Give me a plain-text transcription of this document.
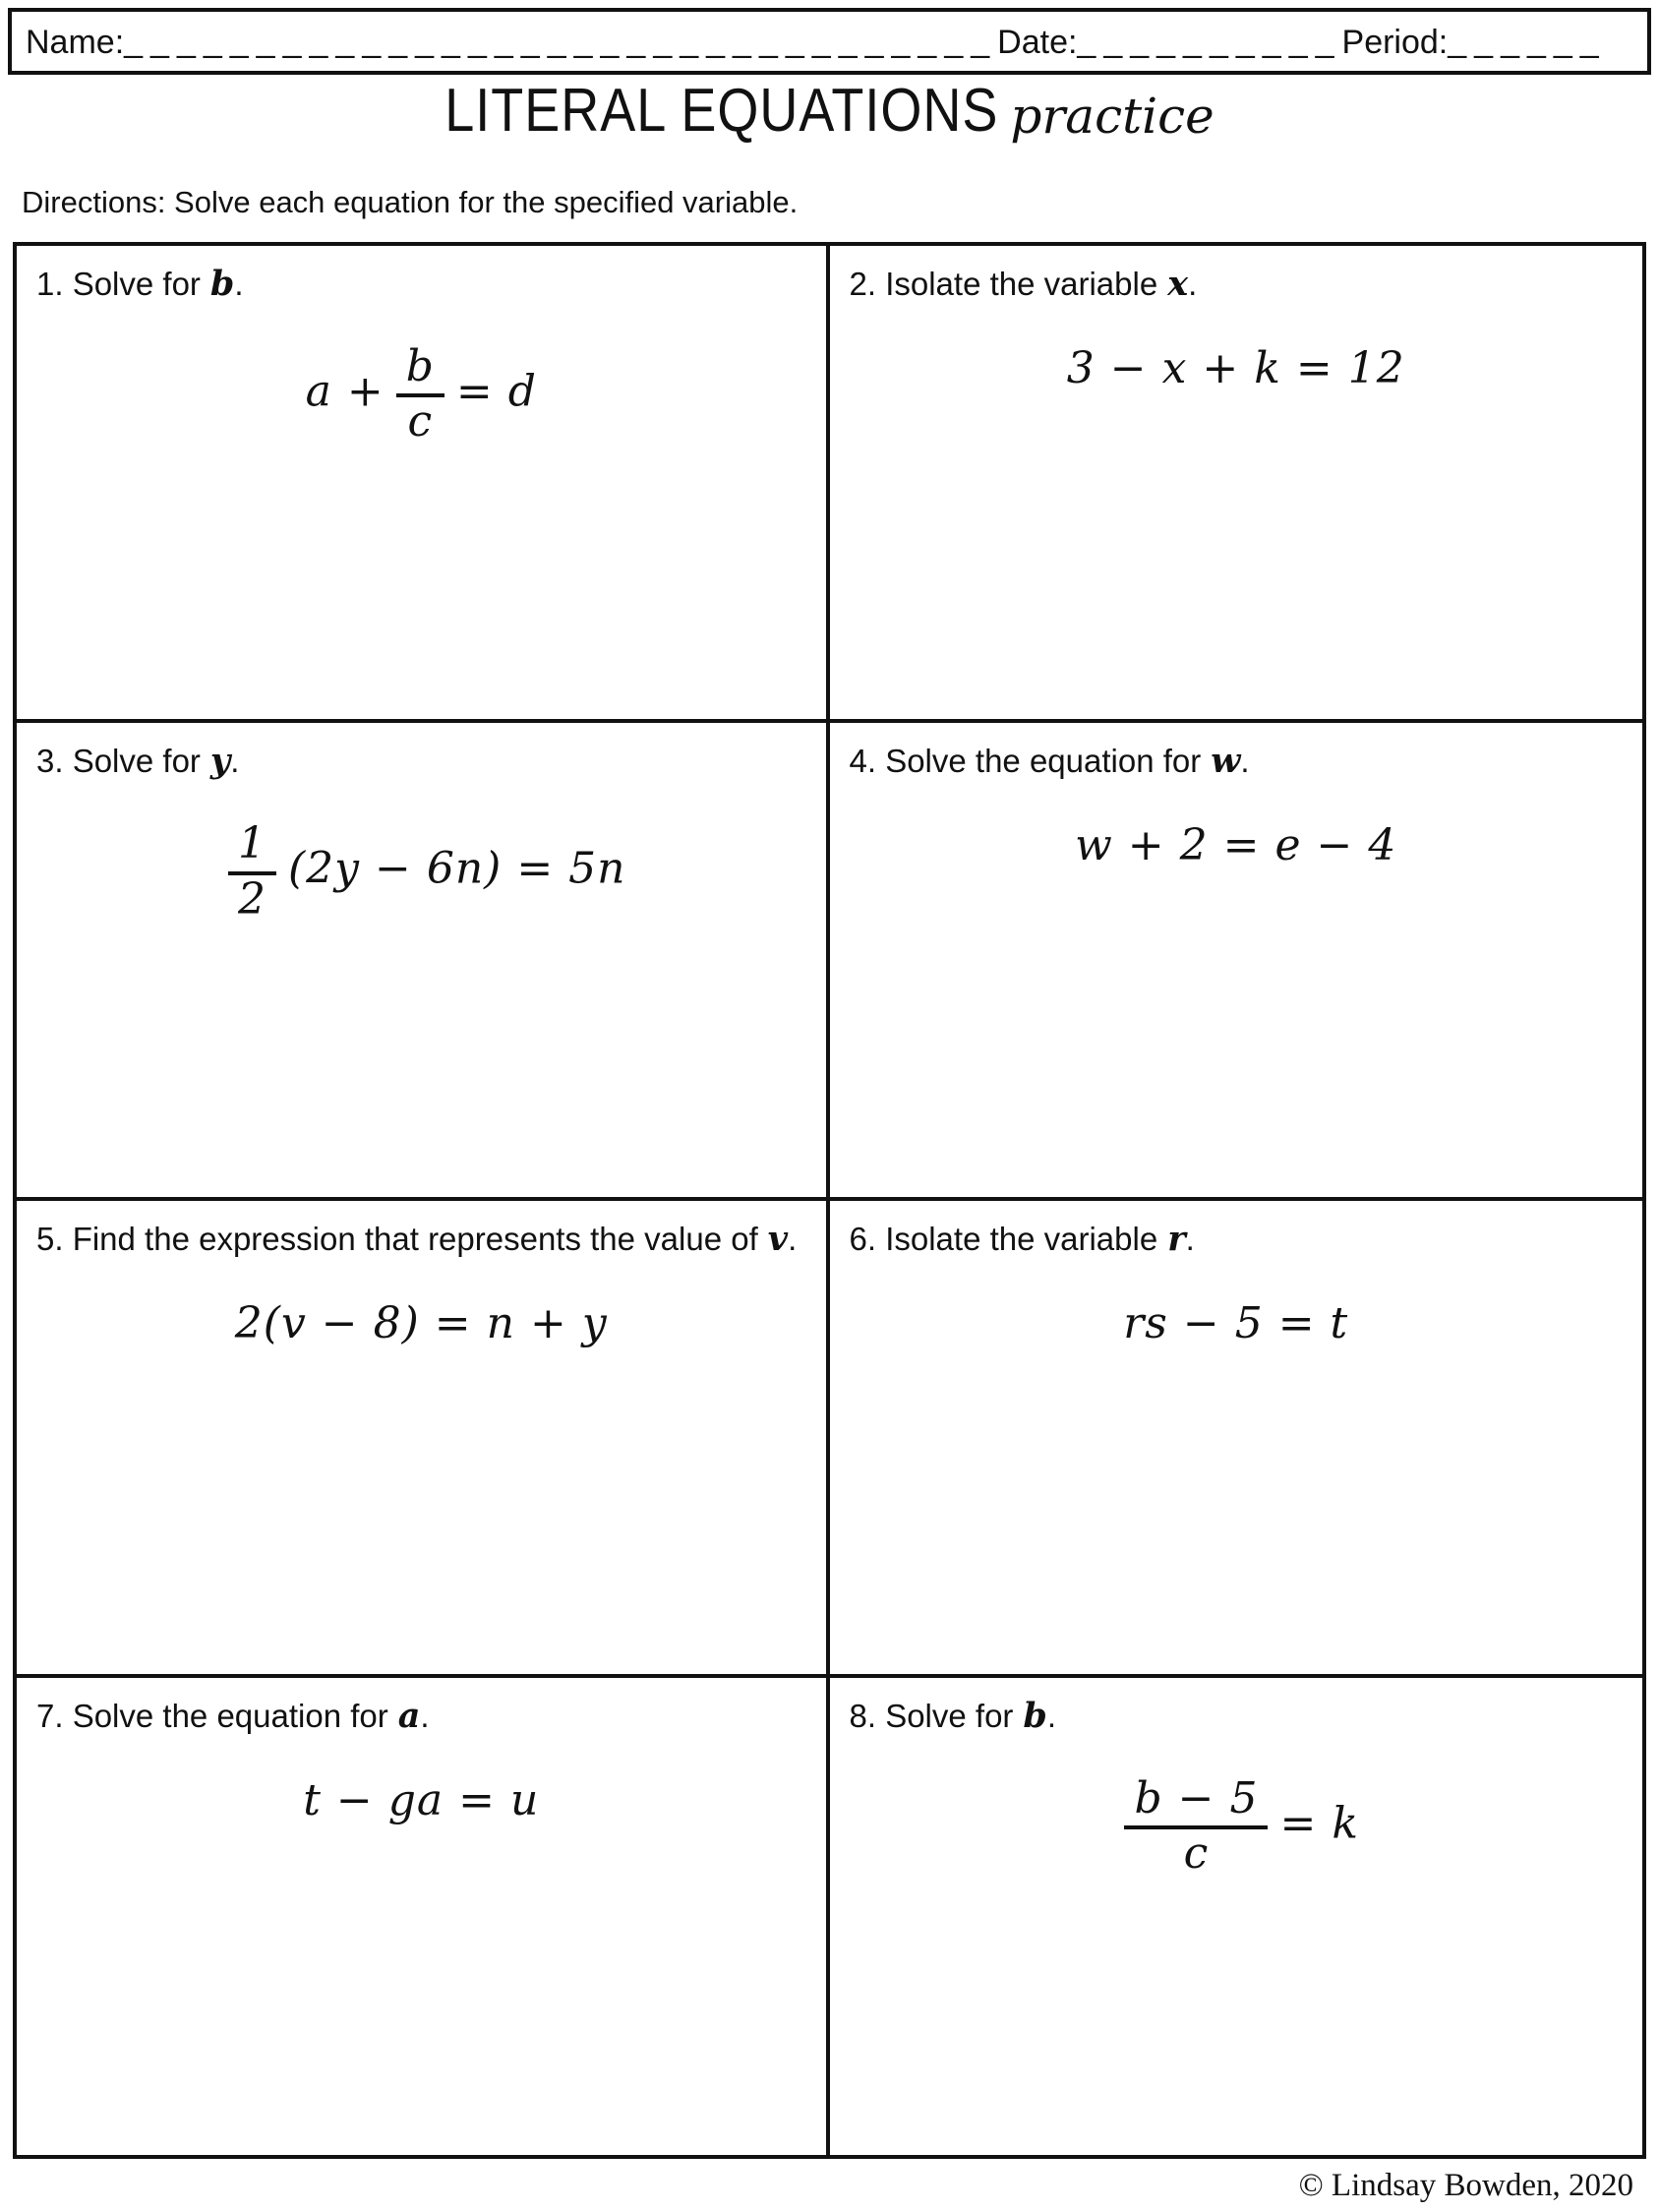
Name: _________________________________ Date: __________ Period: ______
LITERAL EQUATIONS practice
Directions: Solve each equation for the specified variable.
1. Solve for b.
$a + \frac{b}{c} = d$
2. Isolate the variable x.
3 − x + k = 12
3. Solve for y.
$\frac{1}{2} (2y - 6n) = 5n$
4. Solve the equation for w.
w + 2 = e − 4
5. Find the expression that represents the value of v.
2(v − 8) = n + y
6. Isolate the variable r.
rs − 5 = t
7. Solve the equation for a.
t − ga = u
8. Solve for b.
$\frac{b - 5}{c} = k$
© Lindsay Bowden, 2020
